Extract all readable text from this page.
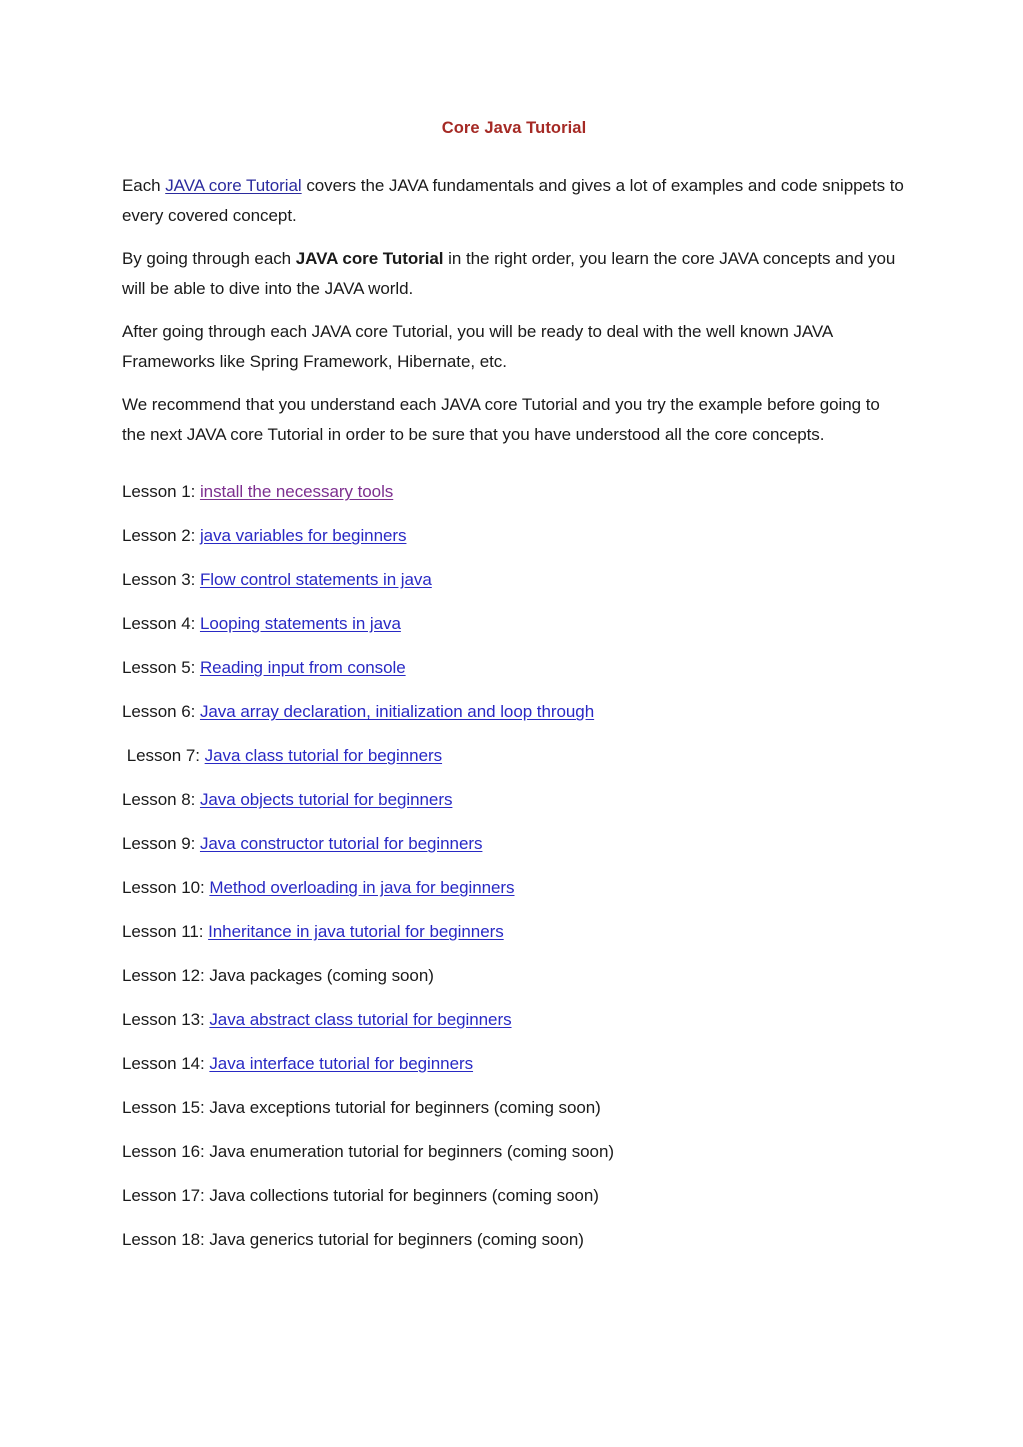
Core Java Tutorial

Each JAVA core Tutorial covers the JAVA fundamentals and gives a lot of examples and code snippets to every covered concept.

By going through each JAVA core Tutorial in the right order, you learn the core JAVA concepts and you will be able to dive into the JAVA world.

After going through each JAVA core Tutorial, you will be ready to deal with the well known JAVA Frameworks like Spring Framework, Hibernate, etc.

We recommend that you understand each JAVA core Tutorial and you try the example before going to the next JAVA core Tutorial in order to be sure that you have understood all the core concepts.

Lesson 1: install the necessary tools

Lesson 2: java variables for beginners

Lesson 3: Flow control statements in java

Lesson 4: Looping statements in java

Lesson 5: Reading input from console

Lesson 6: Java array declaration, initialization and loop through

Lesson 7: Java class tutorial for beginners

Lesson 8: Java objects tutorial for beginners

Lesson 9: Java constructor tutorial for beginners

Lesson 10: Method overloading in java for beginners

Lesson 11: Inheritance in java tutorial for beginners

Lesson 12: Java packages (coming soon)

Lesson 13: Java abstract class tutorial for beginners

Lesson 14: Java interface tutorial for beginners

Lesson 15: Java exceptions tutorial for beginners (coming soon)

Lesson 16: Java enumeration tutorial for beginners (coming soon)

Lesson 17: Java collections tutorial for beginners (coming soon)

Lesson 18: Java generics tutorial for beginners (coming soon)
